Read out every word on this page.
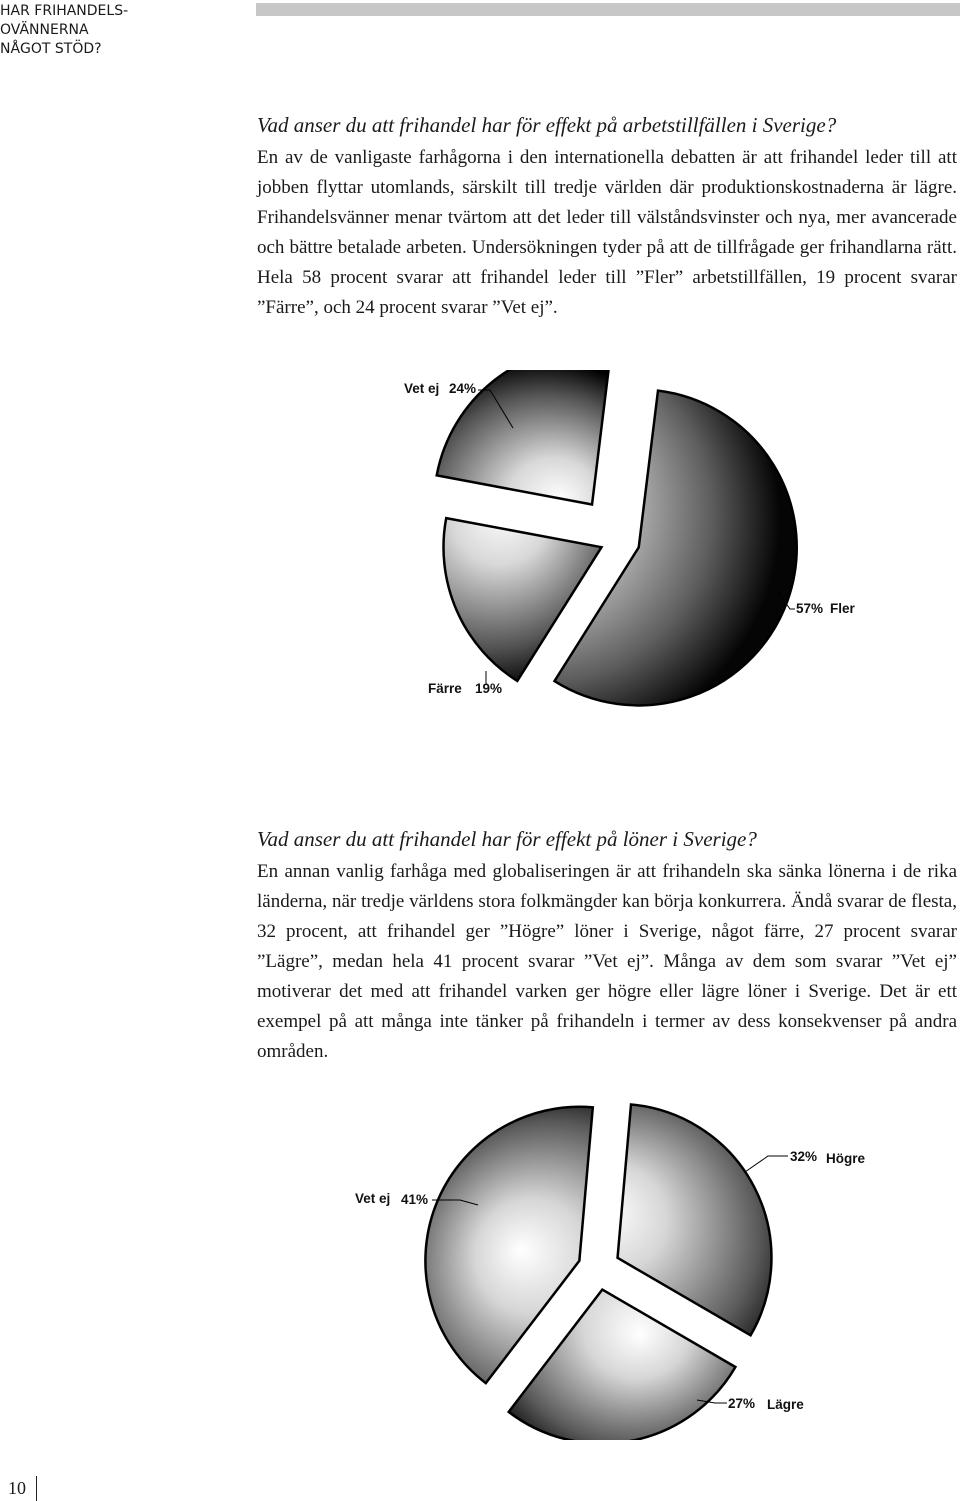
HAR FRIHANDELS-
OVÄNNERNA
NÅGOT STÖD?
Vad anser du att frihandel har för effekt på arbetstillfällen i Sverige?

En av de vanligaste farhågorna i den internationella debatten är att frihandel leder till att jobben flyttar utomlands, särskilt till tredje världen där produktionskostnaderna är lägre. Frihandelsvänner menar tvärtom att det leder till välståndsvinster och nya, mer avancerade och bättre betalade arbeten. Undersökningen tyder på att de tillfrågade ger frihandlarna rätt. Hela 58 procent svarar att frihandel leder till ”Fler” arbetstillfällen, 19 procent svarar ”Färre”, och 24 procent svarar ”Vet ej”.

Vet ej 24%
57% Fler
Färre 19%
Vad anser du att frihandel har för effekt på löner i Sverige?

En annan vanlig farhåga med globaliseringen är att frihandeln ska sänka lönerna i de rika länderna, när tredje världens stora folkmängder kan börja konkurrera. Ändå svarar de flesta, 32 procent, att frihandel ger ”Högre” löner i Sverige, något färre, 27 procent svarar ”Lägre”, medan hela 41 procent svarar ”Vet ej”. Många av dem som svarar ”Vet ej” motiverar det med att frihandel varken ger högre eller lägre löner i Sverige. Det är ett exempel på att många inte tänker på frihandeln i termer av dess konsekvenser på andra områden.

32% Högre
27% Lägre
Vet ej 41%
10
